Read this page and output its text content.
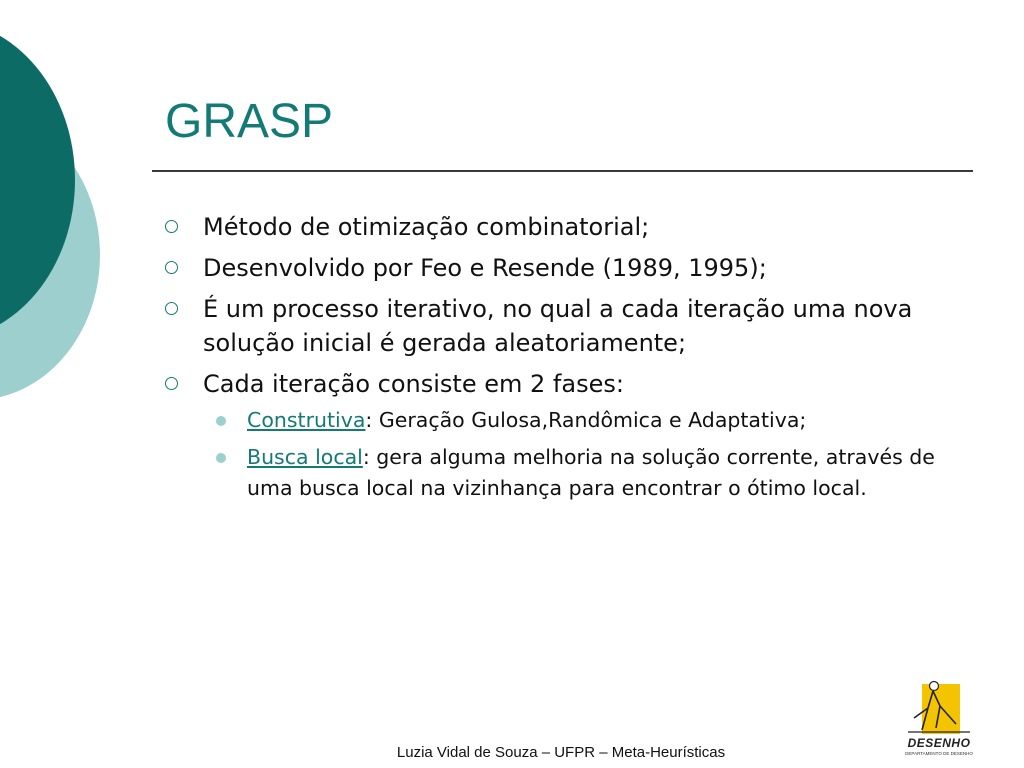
GRASP
Método de otimização combinatorial;
Desenvolvido por Feo e Resende (1989, 1995);
É um processo iterativo, no qual a cada iteração uma nova solução inicial é gerada aleatoriamente;
Cada iteração consiste em 2 fases:
Construtiva: Geração Gulosa,Randômica e Adaptativa;
Busca local: gera alguma melhoria na solução corrente, através de uma busca local na vizinhança para encontrar o ótimo local.
Luzia Vidal de Souza – UFPR – Meta-Heurísticas
DESENHO
DEPARTAMENTO DE DESENHO
